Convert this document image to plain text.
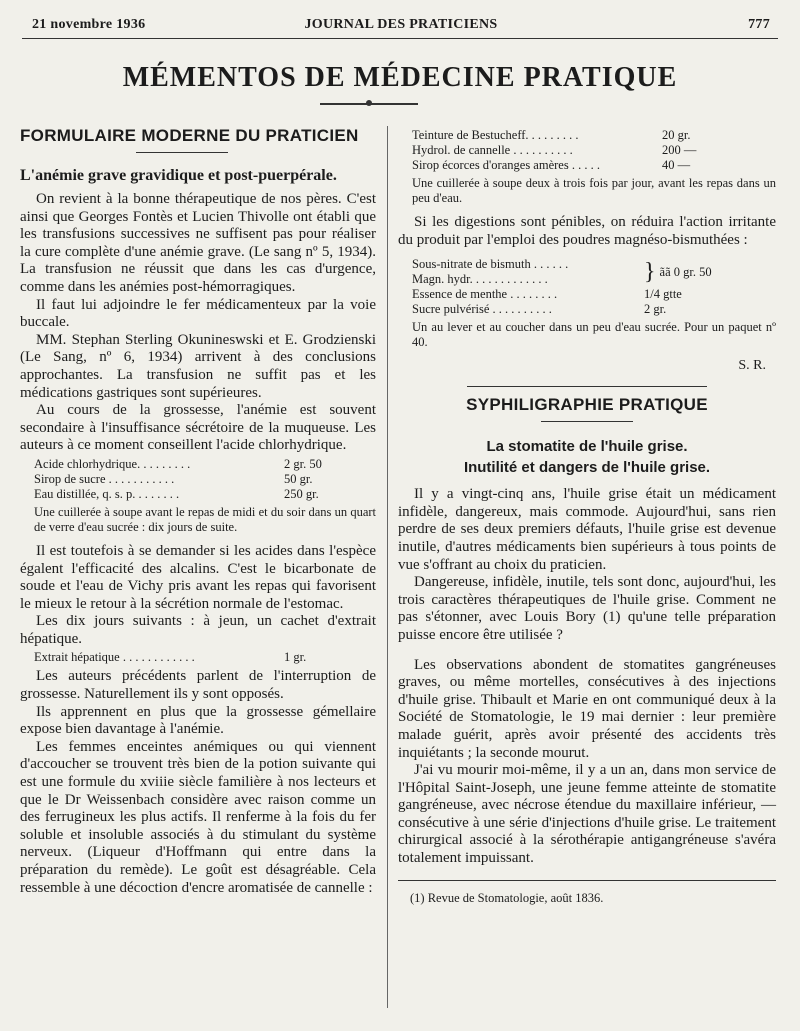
21 novembre 1936	JOURNAL DES PRATICIENS	777
MÉMENTOS DE MÉDECINE PRATIQUE
FORMULAIRE MODERNE DU PRATICIEN
L'anémie grave gravidique et post-puerpérale.

On revient à la bonne thérapeutique de nos pères. C'est ainsi que Georges Fontès et Lucien Thivolle ont établi que les transfusions successives ne suffisent pas pour réaliser la cure complète d'une anémie grave. (Le sang nº 5, 1934). La transfusion ne réussit que dans les cas d'urgence, comme dans les anémies post-hémorragiques.

Il faut lui adjoindre le fer médicamenteux par la voie buccale.

MM. Stephan Sterling Okunineswski et E. Grodzienski (Le Sang, nº 6, 1934) arrivent à des conclusions approchantes. La transfusion ne suffit pas et les médications gastriques sont supérieures.

Au cours de la grossesse, l'anémie est souvent secondaire à l'insuffisance sécrétoire de la muqueuse. Les auteurs à ce moment conseillent l'acide chlorhydrique.

Acide chlorhydrique. . . . . . . . .	2 gr. 50
Sirop de sucre . . . . . . . . . . .	50 gr.
Eau distillée, q. s. p. . . . . . . .	250 gr.
Une cuillerée à soupe avant le repas de midi et du soir dans un quart de verre d'eau sucrée : dix jours de suite.

Il est toutefois à se demander si les acides dans l'espèce égalent l'efficacité des alcalins. C'est le bicarbonate de soude et l'eau de Vichy pris avant les repas qui favorisent le mieux le retour à la sécrétion normale de l'estomac.

Les dix jours suivants : à jeun, un cachet d'extrait hépatique.

Extrait hépatique . . . . . . . . . . . .	1 gr.

Les auteurs précédents parlent de l'interruption de grossesse. Naturellement ils y sont opposés.

Ils apprennent en plus que la grossesse gémellaire expose bien davantage à l'anémie.

Les femmes enceintes anémiques ou qui viennent d'accoucher se trouvent très bien de la potion suivante qui est une formule du xviiie siècle familière à nos lecteurs et que le Dr Weissenbach considère avec raison comme un des ferrugineux les plus actifs. Il renferme à la fois du fer soluble et insoluble associés à du stimulant du système nerveux. (Liqueur d'Hoffmann qui entre dans la préparation du remède). Le goût est désagréable. Cela ressemble à une décoction d'encre aromatisée de cannelle :

Teinture de Bestucheff. . . . . . . . .	20 gr.
Hydrol. de cannelle . . . . . . . . . .	200 —
Sirop écorces d'oranges amères . . . . .	40 —
Une cuillerée à soupe deux à trois fois par jour, avant les repas dans un peu d'eau.

Si les digestions sont pénibles, on réduira l'action irritante du produit par l'emploi des poudres magnéso-bismuthées :

Sous-nitrate de bismuth . . . . . .
Magn. hydr. . . . . . . . . . . . .	} ãã 0 gr. 50
Essence de menthe . . . . . . . .	1/4 gtte
Sucre pulvérisé . . . . . . . . . .	2 gr.
Un au lever et au coucher dans un peu d'eau sucrée. Pour un paquet nº 40.
S. R.
SYPHILIGRAPHIE PRATIQUE
La stomatite de l'huile grise.
Inutilité et dangers de l'huile grise.

Il y a vingt-cinq ans, l'huile grise était un médicament infidèle, dangereux, mais commode. Aujourd'hui, sans rien perdre de ses deux premiers défauts, l'huile grise est devenue inutile, d'autres médicaments bien supérieurs à tous points de vue s'offrant au choix du praticien.

Dangereuse, infidèle, inutile, tels sont donc, aujourd'hui, les trois caractères thérapeutiques de l'huile grise. Comment ne pas s'étonner, avec Louis Bory (1) qu'une telle préparation puisse encore être utilisée ?

Les observations abondent de stomatites gangréneuses graves, ou même mortelles, consécutives à des injections d'huile grise. Thibault et Marie en ont communiqué deux à la Société de Stomatologie, le 19 mai dernier : leur première malade guérit, après avoir présenté des accidents très inquiétants ; la seconde mourut.

J'ai vu mourir moi-même, il y a un an, dans mon service de l'Hôpital Saint-Joseph, une jeune femme atteinte de stomatite gangréneuse, avec nécrose étendue du maxillaire inférieur, — consécutive à une série d'injections d'huile grise. Le traitement chirurgical associé à la sérothérapie antigangréneuse s'avéra totalement impuissant.

(1) Revue de Stomatologie, août 1836.
